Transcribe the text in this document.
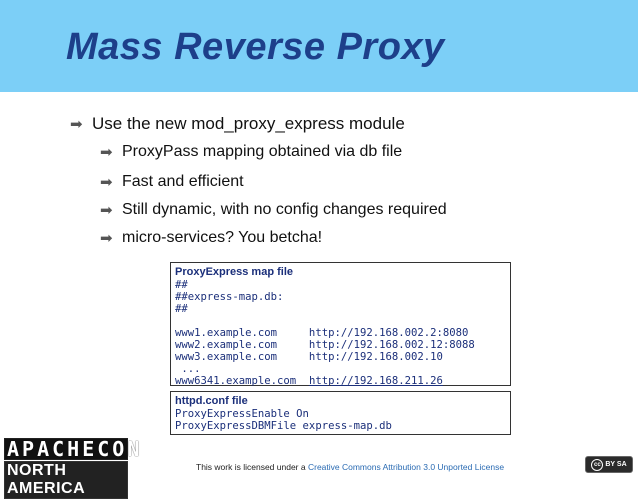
Mass Reverse Proxy
➡ Use the new mod_proxy_express module
➡ ProxyPass mapping obtained via db file
➡ Fast and efficient
➡ Still dynamic, with no config changes required
➡ micro-services? You betcha!
ProxyExpress map file
##
##express-map.db:
##
www1.example.com     http://192.168.002.2:8080
www2.example.com     http://192.168.002.12:8088
www3.example.com     http://192.168.002.10
...
www6341.example.com  http://192.168.211.26
httpd.conf file
ProxyExpressEnable On
ProxyExpressDBMFile express-map.db
APACHECON
NORTH AMERICA
This work is licensed under a Creative Commons Attribution 3.0 Unported License	cc BY SA
